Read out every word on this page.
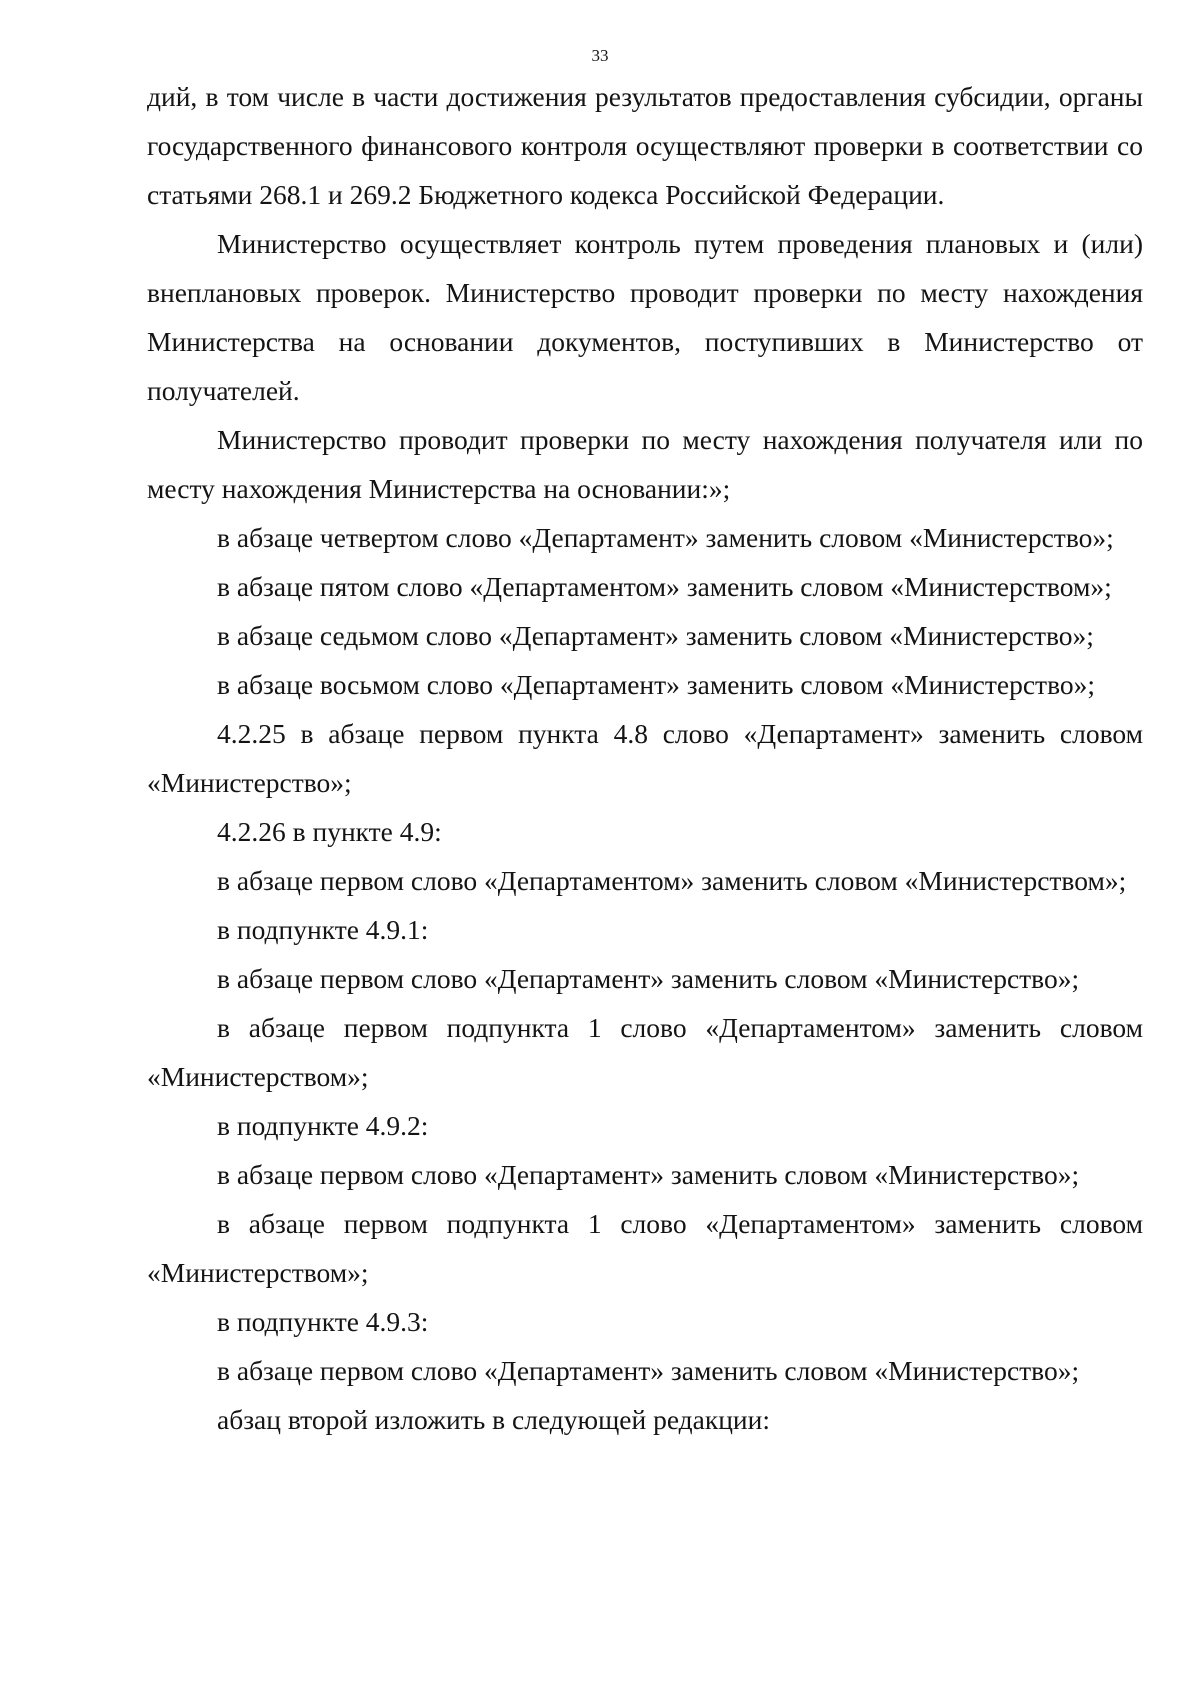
33

дий, в том числе в части достижения результатов предоставления субсидии, органы государственного финансового контроля осуществляют проверки в соответствии со статьями 268.1 и 269.2 Бюджетного кодекса Российской Федерации.

Министерство осуществляет контроль путем проведения плановых и (или) внеплановых проверок. Министерство проводит проверки по месту нахождения Министерства на основании документов, поступивших в Министерство от получателей.

Министерство проводит проверки по месту нахождения получателя или по месту нахождения Министерства на основании:»;

в абзаце четвертом слово «Департамент» заменить словом «Министерство»;

в абзаце пятом слово «Департаментом» заменить словом «Министерством»;

в абзаце седьмом слово «Департамент» заменить словом «Министерство»;

в абзаце восьмом слово «Департамент» заменить словом «Министерство»;

4.2.25 в абзаце первом пункта 4.8 слово «Департамент» заменить словом «Министерство»;

4.2.26 в пункте 4.9:

в абзаце первом слово «Департаментом» заменить словом «Министерством»;

в подпункте 4.9.1:

в абзаце первом слово «Департамент» заменить словом «Министерство»;

в абзаце первом подпункта 1 слово «Департаментом» заменить словом «Министерством»;

в подпункте 4.9.2:

в абзаце первом слово «Департамент» заменить словом «Министерство»;

в абзаце первом подпункта 1 слово «Департаментом» заменить словом «Министерством»;

в подпункте 4.9.3:

в абзаце первом слово «Департамент» заменить словом «Министерство»;

абзац второй изложить в следующей редакции:
